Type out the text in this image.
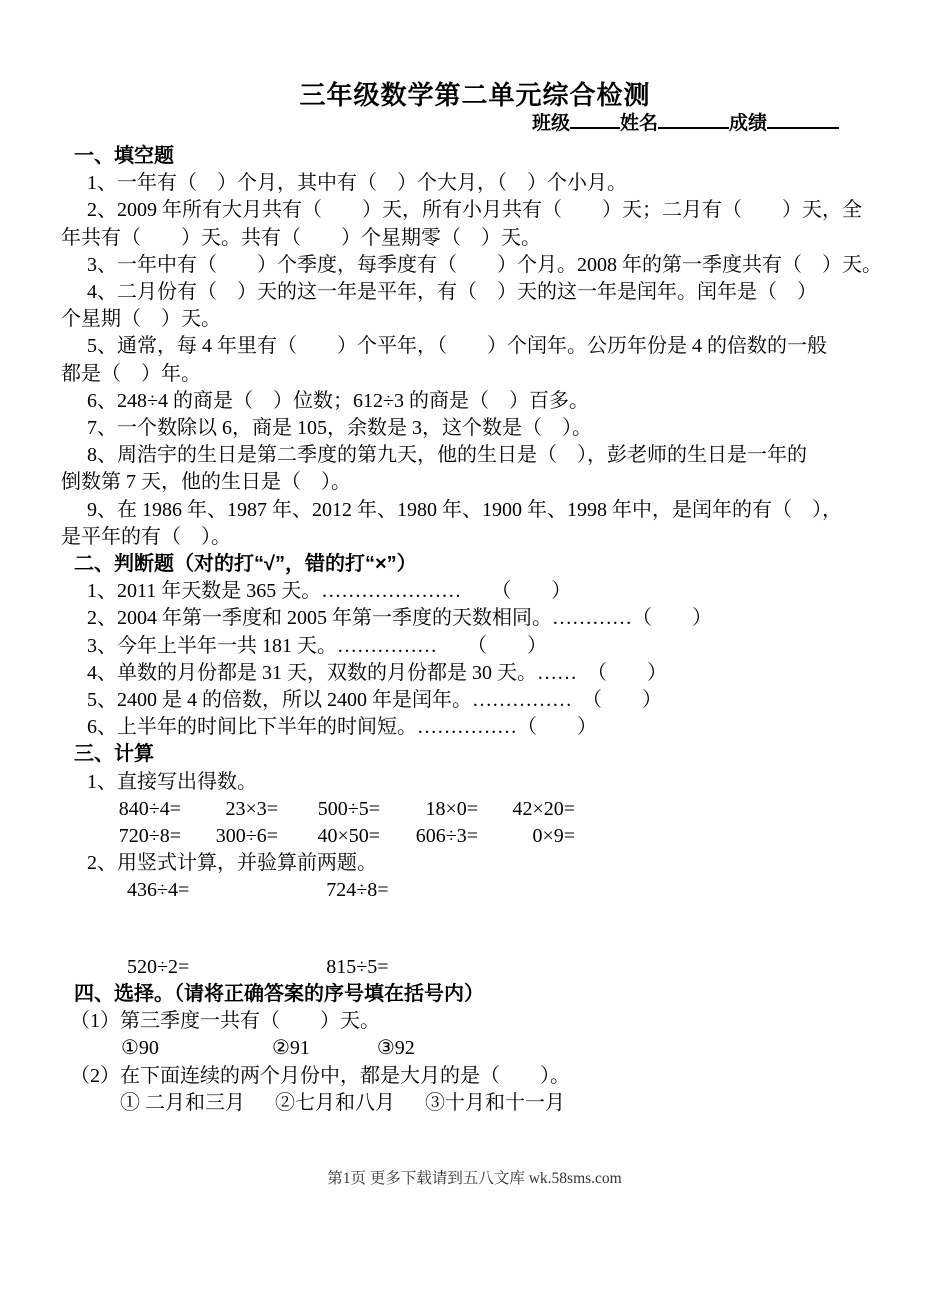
三年级数学第二单元综合检测
班级	姓名	成绩

一、填空题

1、一年有（　）个月，其中有（　）个大月，（　）个小月。

2、2009 年所有大月共有（　　）天，所有小月共有（　　）天；二月有（　　）天，全

年共有（　　）天。共有（　　）个星期零（　）天。

3、一年中有（　　）个季度，每季度有（　　）个月。2008 年的第一季度共有（　）天。

4、二月份有（　）天的这一年是平年，有（　）天的这一年是闰年。闰年是（　）

个星期（　）天。

5、通常，每 4 年里有（　　）个平年，（　　）个闰年。公历年份是 4 的倍数的一般

都是（　）年。

6、248÷4 的商是（　）位数；612÷3 的商是（　）百多。

7、一个数除以 6，商是 105，余数是 3，这个数是（　）。

8、周浩宇的生日是第二季度的第九天，他的生日是（　），彭老师的生日是一年的

倒数第 7 天，他的生日是（　）。

9、在 1986 年、1987 年、2012 年、1980 年、1900 年、1998 年中，是闰年的有（　），

是平年的有（　）。

二、判断题（对的打“√”，错的打“×”）

1、2011 年天数是 365 天。…………………　　（　　）

2、2004 年第一季度和 2005 年第一季度的天数相同。…………（　　）

3、今年上半年一共 181 天。……………　　（　　）

4、单数的月份都是 31 天，双数的月份都是 30 天。……　（　　）

5、2400 是 4 的倍数，所以 2400 年是闰年。……………　（　　）

6、上半年的时间比下半年的时间短。……………（　　）

三、计算

1、直接写出得数。

840÷4=	23×3=	500÷5=	18×0=	42×20=
720÷8=	300÷6=	40×50=	606÷3=	0×9=

2、用竖式计算，并验算前两题。

436÷4=	724÷8=
520÷2=	815÷5=

四、选择。（请将正确答案的序号填在括号内）

（1）第三季度一共有（　　）天。

①90	②91	③92

（2）在下面连续的两个月份中，都是大月的是（　　）。

① 二月和三月 ②七月和八月 ③十月和十一月
第1页 更多下载请到五八文库 wk.58sms.com
